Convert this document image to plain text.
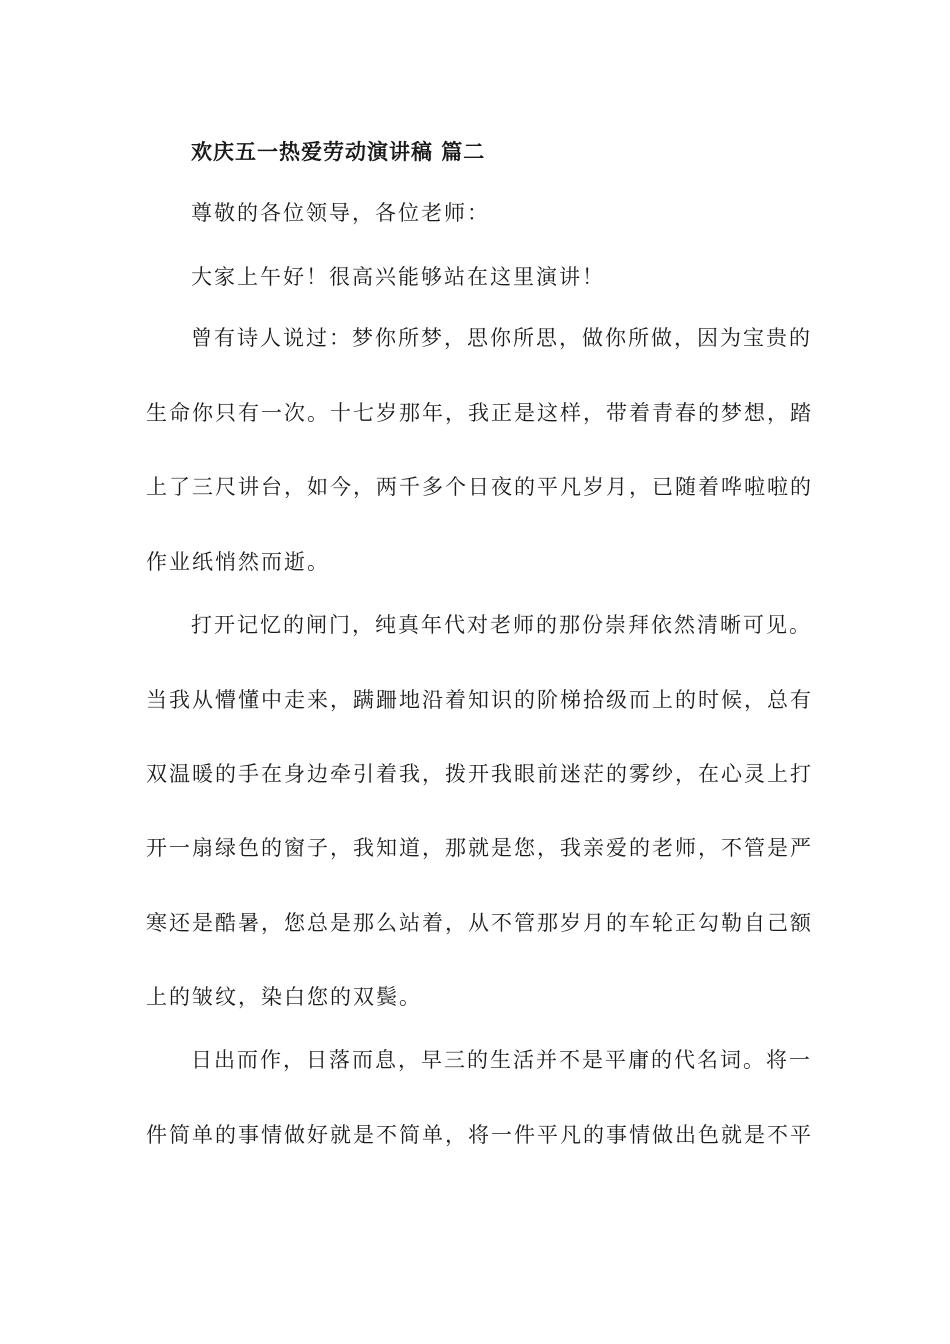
欢庆五一热爱劳动演讲稿 篇二
尊敬的各位领导，各位老师：
大家上午好！很高兴能够站在这里演讲！
曾有诗人说过：梦你所梦，思你所思，做你所做，因为宝贵的
生命你只有一次。十七岁那年，我正是这样，带着青春的梦想，踏
上了三尺讲台，如今，两千多个日夜的平凡岁月，已随着哗啦啦的
作业纸悄然而逝。
打开记忆的闸门，纯真年代对老师的那份崇拜依然清晰可见。
当我从懵懂中走来，蹒跚地沿着知识的阶梯拾级而上的时候，总有
双温暖的手在身边牵引着我，拨开我眼前迷茫的雾纱，在心灵上打
开一扇绿色的窗子，我知道，那就是您，我亲爱的老师，不管是严
寒还是酷暑，您总是那么站着，从不管那岁月的车轮正勾勒自己额
上的皱纹，染白您的双鬓。
日出而作，日落而息，早三的生活并不是平庸的代名词。将一
件简单的事情做好就是不简单，将一件平凡的事情做出色就是不平
